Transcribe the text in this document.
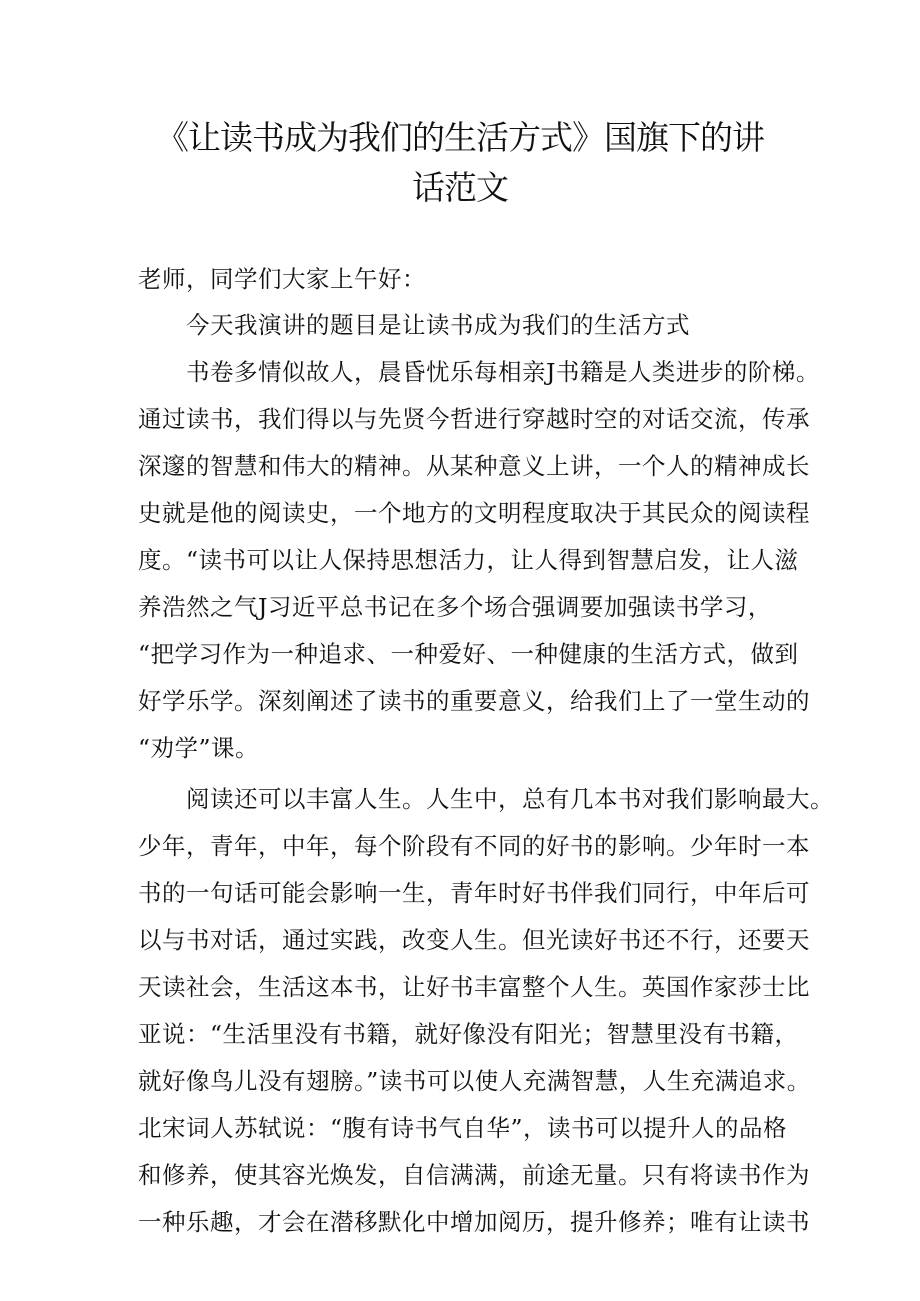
《让读书成为我们的生活方式》国旗下的讲
话范文
老师，同学们大家上午好：
今天我演讲的题目是让读书成为我们的生活方式
书卷多情似故人，晨昏忧乐每相亲J书籍是人类进步的阶梯。
通过读书，我们得以与先贤今哲进行穿越时空的对话交流，传承
深邃的智慧和伟大的精神。从某种意义上讲，一个人的精神成长
史就是他的阅读史，一个地方的文明程度取决于其民众的阅读程
度。“读书可以让人保持思想活力，让人得到智慧启发，让人滋
养浩然之气J习近平总书记在多个场合强调要加强读书学习，
“把学习作为一种追求、一种爱好、一种健康的生活方式，做到
好学乐学。深刻阐述了读书的重要意义，给我们上了一堂生动的
“劝学”课。
阅读还可以丰富人生。人生中，总有几本书对我们影响最大。
少年，青年，中年，每个阶段有不同的好书的影响。少年时一本
书的一句话可能会影响一生，青年时好书伴我们同行，中年后可
以与书对话，通过实践，改变人生。但光读好书还不行，还要天
天读社会，生活这本书，让好书丰富整个人生。英国作家莎士比
亚说：“生活里没有书籍，就好像没有阳光；智慧里没有书籍，
就好像鸟儿没有翅膀。”读书可以使人充满智慧，人生充满追求。
北宋词人苏轼说：“腹有诗书气自华”，读书可以提升人的品格
和修养，使其容光焕发，自信满满，前途无量。只有将读书作为
一种乐趣，才会在潜移默化中增加阅历，提升修养；唯有让读书
